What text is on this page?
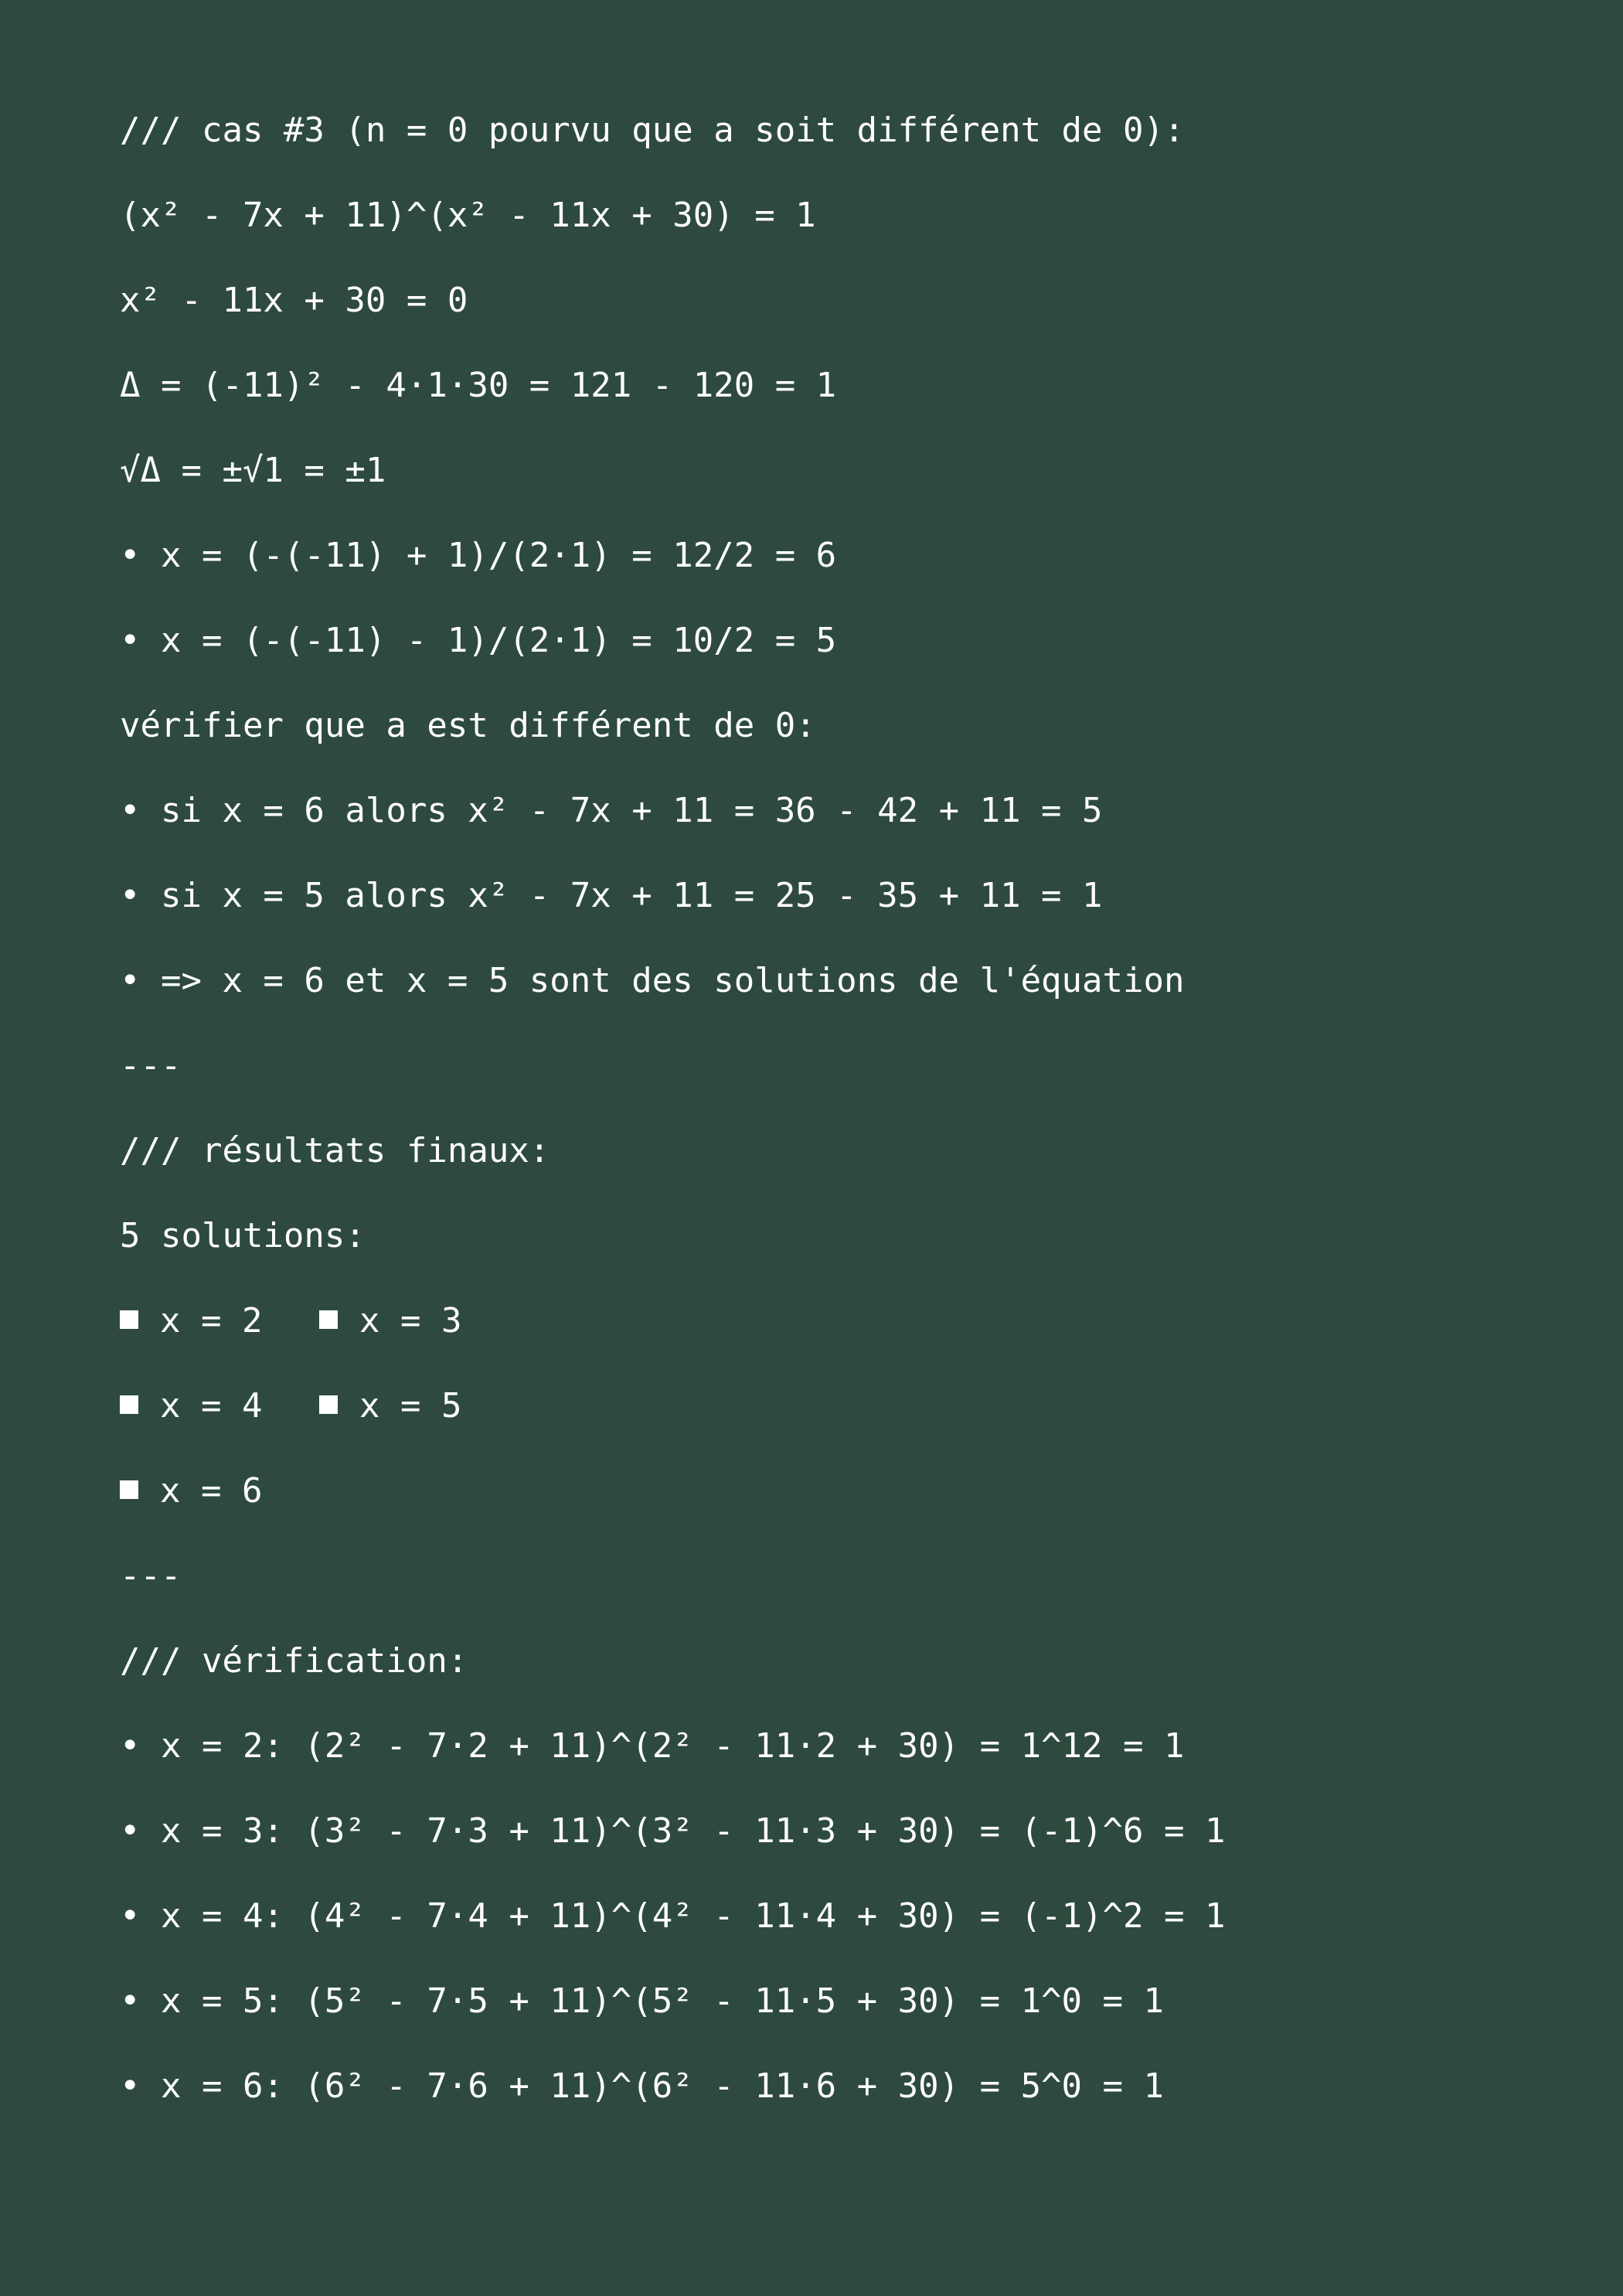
/// cas #3 (n = 0 pourvu que a soit différent de 0):
(x² - 7x + 11)^(x² - 11x + 30) = 1
x² - 11x + 30 = 0
Δ = (-11)² - 4·1·30 = 121 - 120 = 1
√Δ = ±√1 = ±1
• x = (-(-11) + 1)/(2·1) = 12/2 = 6
• x = (-(-11) - 1)/(2·1) = 10/2 = 5
vérifier que a est différent de 0:
• si x = 6 alors x² - 7x + 11 = 36 - 42 + 11 = 5
• si x = 5 alors x² - 7x + 11 = 25 - 35 + 11 = 1
• => x = 6 et x = 5 sont des solutions de l'équation
---
/// résultats finaux:
5 solutions:
x = 2	x = 3
x = 4	x = 5
x = 6
---
/// vérification:
• x = 2: (2² - 7·2 + 11)^(2² - 11·2 + 30) = 1^12 = 1
• x = 3: (3² - 7·3 + 11)^(3² - 11·3 + 30) = (-1)^6 = 1
• x = 4: (4² - 7·4 + 11)^(4² - 11·4 + 30) = (-1)^2 = 1
• x = 5: (5² - 7·5 + 11)^(5² - 11·5 + 30) = 1^0 = 1
• x = 6: (6² - 7·6 + 11)^(6² - 11·6 + 30) = 5^0 = 1
